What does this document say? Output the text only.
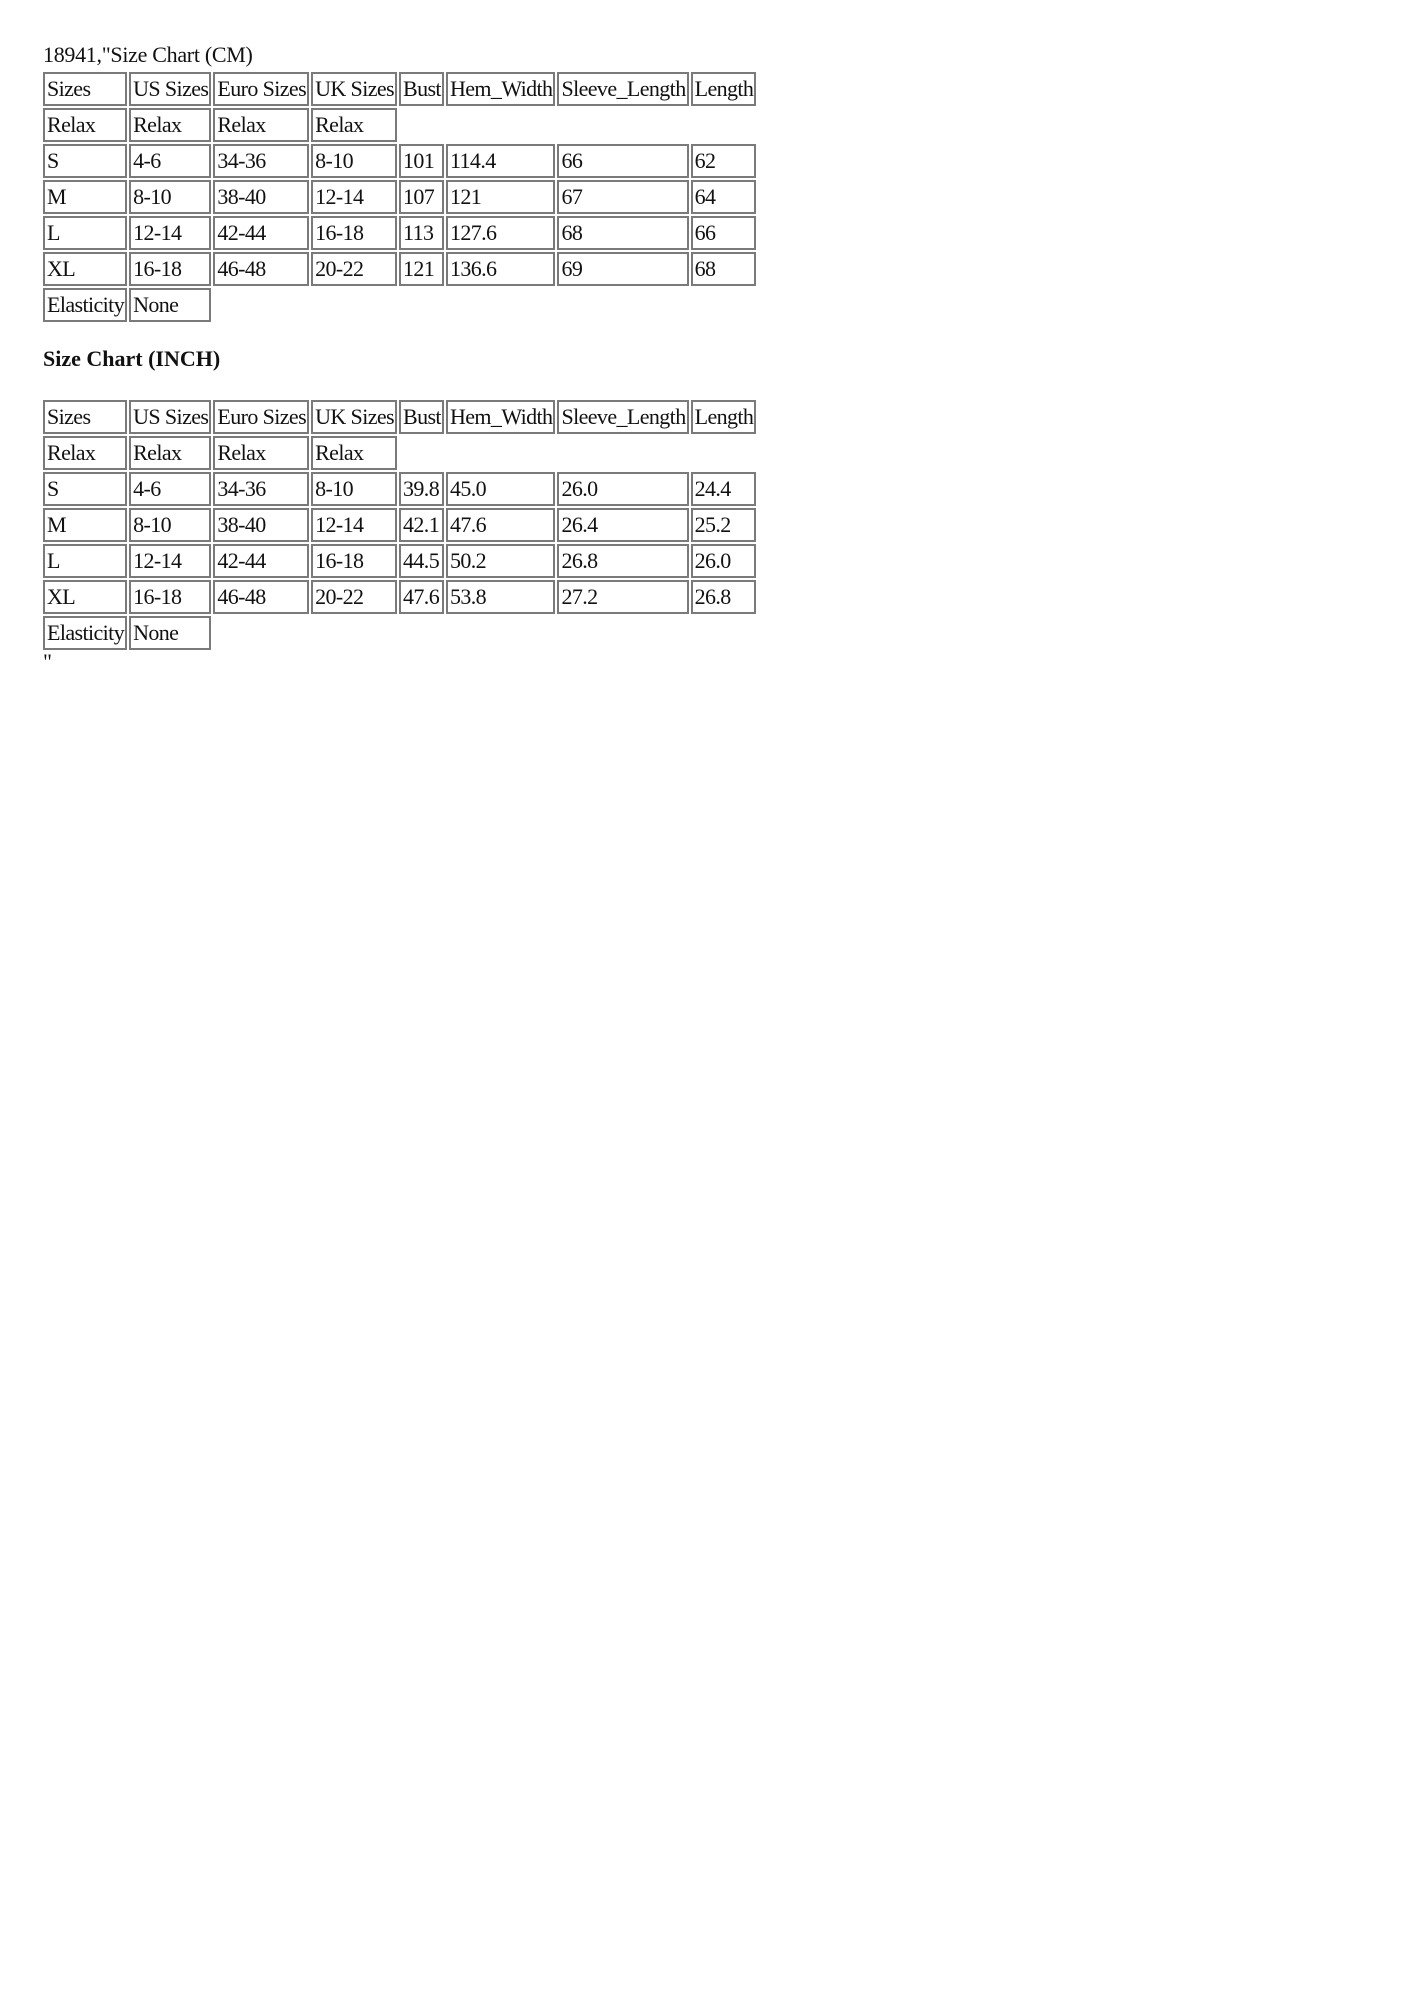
18941,"Size Chart (CM)
Sizes	US Sizes	Euro Sizes	UK Sizes	Bust	Hem_Width	Sleeve_Length	Length
Relax	Relax	Relax	Relax				
S	4-6	34-36	8-10	101	114.4	66	62
M	8-10	38-40	12-14	107	121	67	64
L	12-14	42-44	16-18	113	127.6	68	66
XL	16-18	46-48	20-22	121	136.6	69	68
Elasticity	None						
Size Chart (INCH)
Sizes	US Sizes	Euro Sizes	UK Sizes	Bust	Hem_Width	Sleeve_Length	Length
Relax	Relax	Relax	Relax				
S	4-6	34-36	8-10	39.8	45.0	26.0	24.4
M	8-10	38-40	12-14	42.1	47.6	26.4	25.2
L	12-14	42-44	16-18	44.5	50.2	26.8	26.0
XL	16-18	46-48	20-22	47.6	53.8	27.2	26.8
Elasticity	None						
"
